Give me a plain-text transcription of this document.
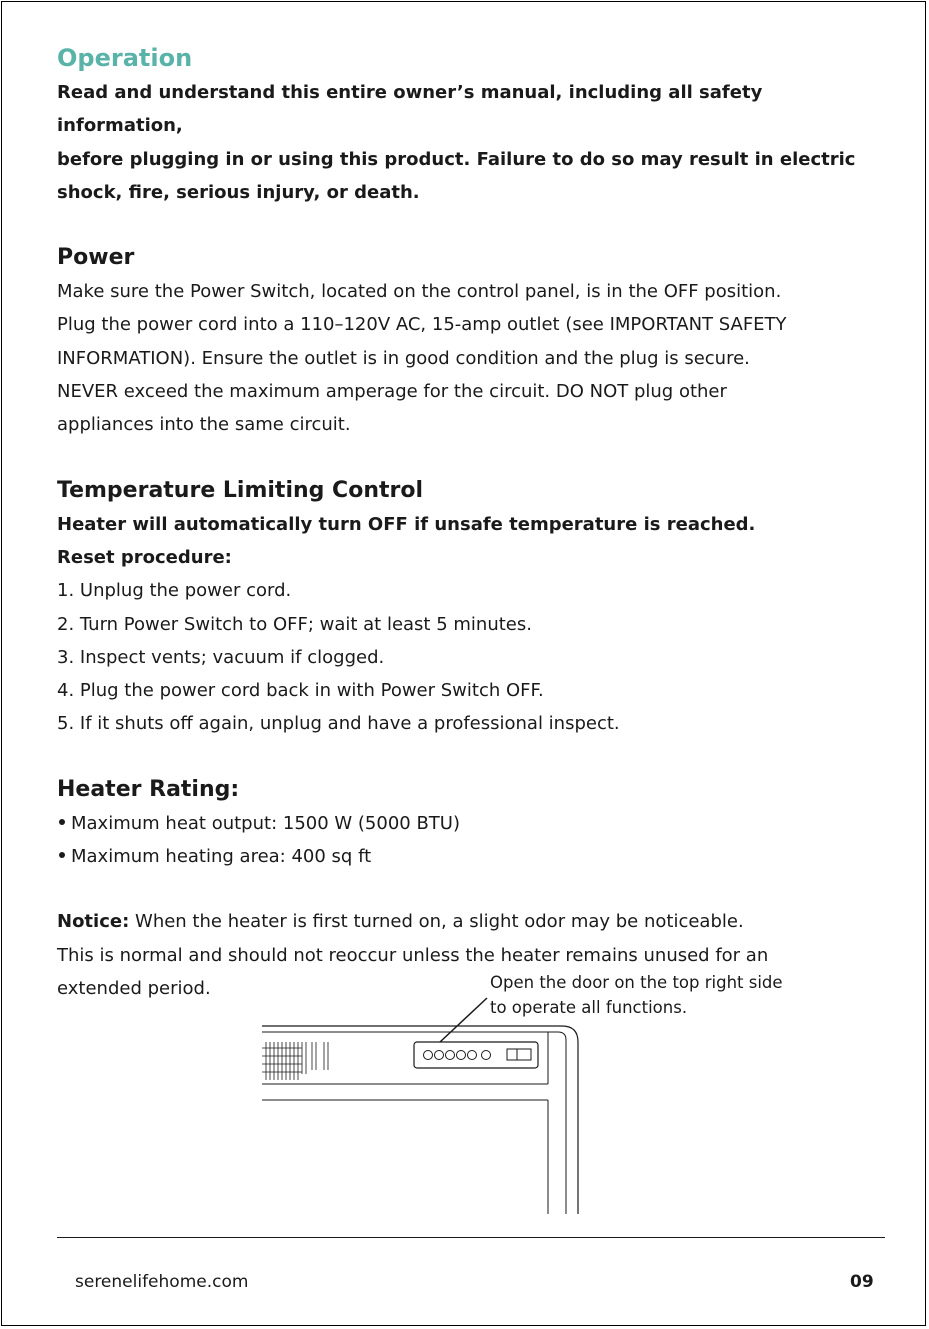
Operation

Read and understand this entire owner’s manual, including all safety information,

before plugging in or using this product. Failure to do so may result in electric

shock, fire, serious injury, or death.

Power

Make sure the Power Switch, located on the control panel, is in the OFF position.

Plug the power cord into a 110–120V AC, 15-amp outlet (see IMPORTANT SAFETY

INFORMATION). Ensure the outlet is in good condition and the plug is secure.

NEVER exceed the maximum amperage for the circuit. DO NOT plug other

appliances into the same circuit.

Temperature Limiting Control

Heater will automatically turn OFF if unsafe temperature is reached.

Reset procedure:

1. Unplug the power cord.

2. Turn Power Switch to OFF; wait at least 5 minutes.

3. Inspect vents; vacuum if clogged.

4. Plug the power cord back in with Power Switch OFF.

5. If it shuts off again, unplug and have a professional inspect.

Heater Rating:
Maximum heat output: 1500 W (5000 BTU)
Maximum heating area: 400 sq ft

Notice: When the heater is first turned on, a slight odor may be noticeable.

This is normal and should not reoccur unless the heater remains unused for an

extended period.	Open the door on the top right side
to operate all functions.
serenelifehome.com	09
